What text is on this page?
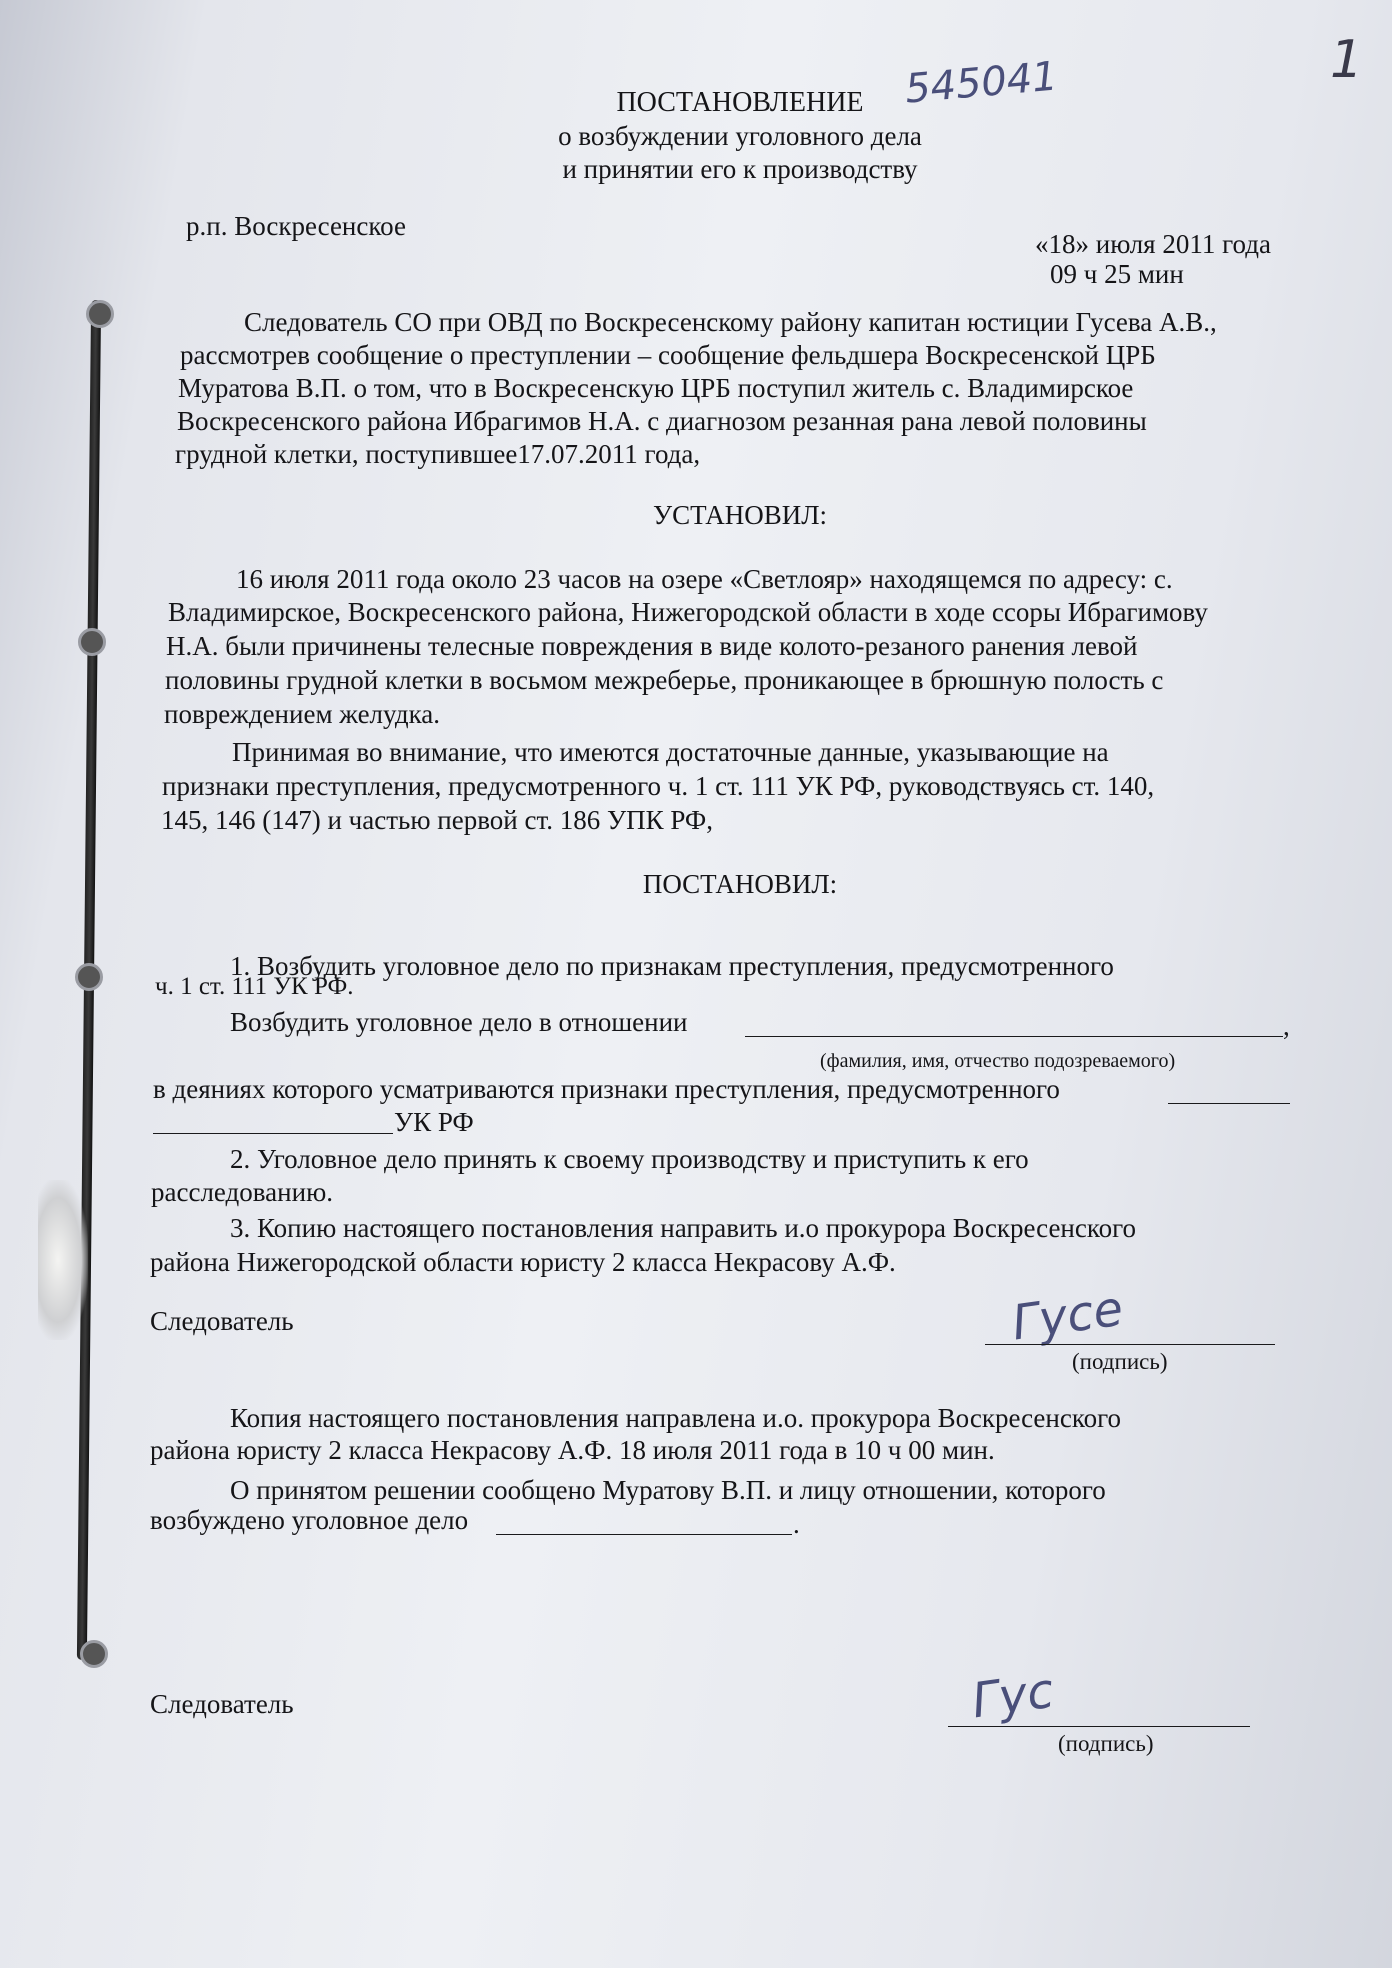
1
545041
ПОСТАНОВЛЕНИЕ
о возбуждении уголовного дела
и принятии его к производству
р.п. Воскресенское
«18» июля 2011 года
09 ч 25 мин
Следователь СО при ОВД по Воскресенскому району капитан юстиции Гусева А.В.,
рассмотрев сообщение о преступлении – сообщение фельдшера Воскресенской ЦРБ
Муратова В.П. о том, что в Воскресенскую ЦРБ поступил житель с. Владимирское
Воскресенского района Ибрагимов Н.А. с диагнозом резанная рана левой половины
грудной клетки, поступившее17.07.2011 года,
УСТАНОВИЛ:
16 июля 2011 года около 23 часов на озере «Светлояр» находящемся по адресу: с.
Владимирское, Воскресенского района, Нижегородской области в ходе ссоры Ибрагимову
Н.А. были причинены телесные повреждения в виде колото-резаного ранения левой
половины грудной клетки в восьмом межреберье, проникающее в брюшную полость с
повреждением желудка.
Принимая во внимание, что имеются достаточные данные, указывающие на
признаки преступления, предусмотренного ч. 1 ст. 111 УК РФ, руководствуясь ст. 140,
145, 146 (147) и частью первой ст. 186 УПК РФ,
ПОСТАНОВИЛ:
1. Возбудить уголовное дело по признакам преступления, предусмотренного
ч. 1 ст. 111 УК РФ.
Возбудить уголовное дело в отношении	,
(фамилия, имя, отчество подозреваемого)
в деяниях которого усматриваются признаки преступления, предусмотренного
УК РФ
2. Уголовное дело принять к своему производству и приступить к его
расследованию.
3. Копию настоящего постановления направить и.о прокурора Воскресенского
района Нижегородской области юристу 2 класса Некрасову А.Ф.
Следователь	Гусе
(подпись)
Копия настоящего постановления направлена и.о. прокурора Воскресенского
района юристу 2 класса Некрасову А.Ф. 18 июля 2011 года в 10 ч 00 мин.
О принятом решении сообщено Муратову В.П. и лицу отношении, которого
возбуждено уголовное дело	.
Следователь	Гус
(подпись)
